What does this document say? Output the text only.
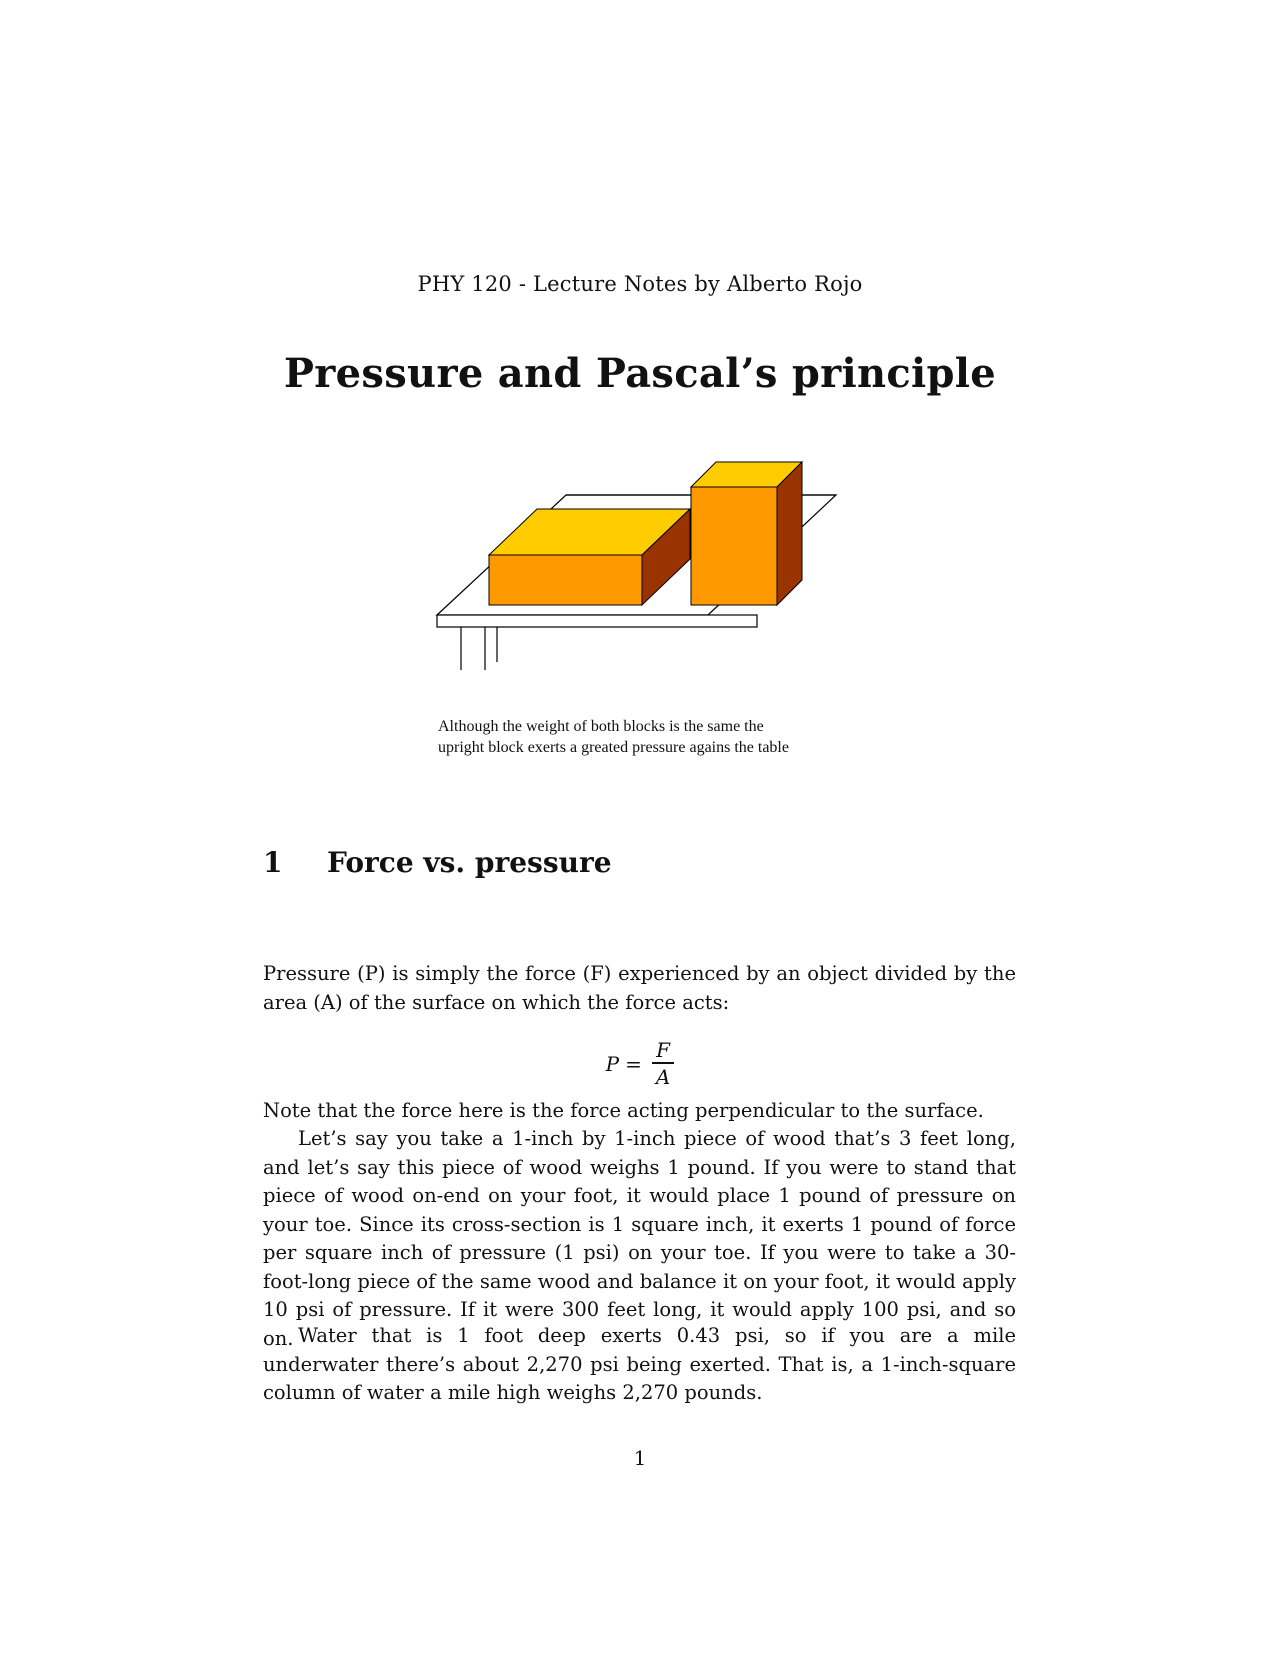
PHY 120 - Lecture Notes by Alberto Rojo
Pressure and Pascal’s principle
Although the weight of both blocks is the same the
upright block exerts a greated pressure agains the table
1 Force vs. pressure

Pressure (P) is simply the force (F) experienced by an object divided by the area (A) of the surface on which the force acts:

$P = \frac{F}{A}$

Note that the force here is the force acting perpendicular to the surface.

Let’s say you take a 1-inch by 1-inch piece of wood that’s 3 feet long, and let’s say this piece of wood weighs 1 pound. If you were to stand that piece of wood on-end on your foot, it would place 1 pound of pressure on your toe. Since its cross-section is 1 square inch, it exerts 1 pound of force per square inch of pressure (1 psi) on your toe. If you were to take a 30-foot-long piece of the same wood and balance it on your foot, it would apply 10 psi of pressure. If it were 300 feet long, it would apply 100 psi, and so on. Water that is 1 foot deep exerts 0.43 psi, so if you are a mile underwater there’s about 2,270 psi being exerted. That is, a 1-inch-square column of water a mile high weighs 2,270 pounds.

1
